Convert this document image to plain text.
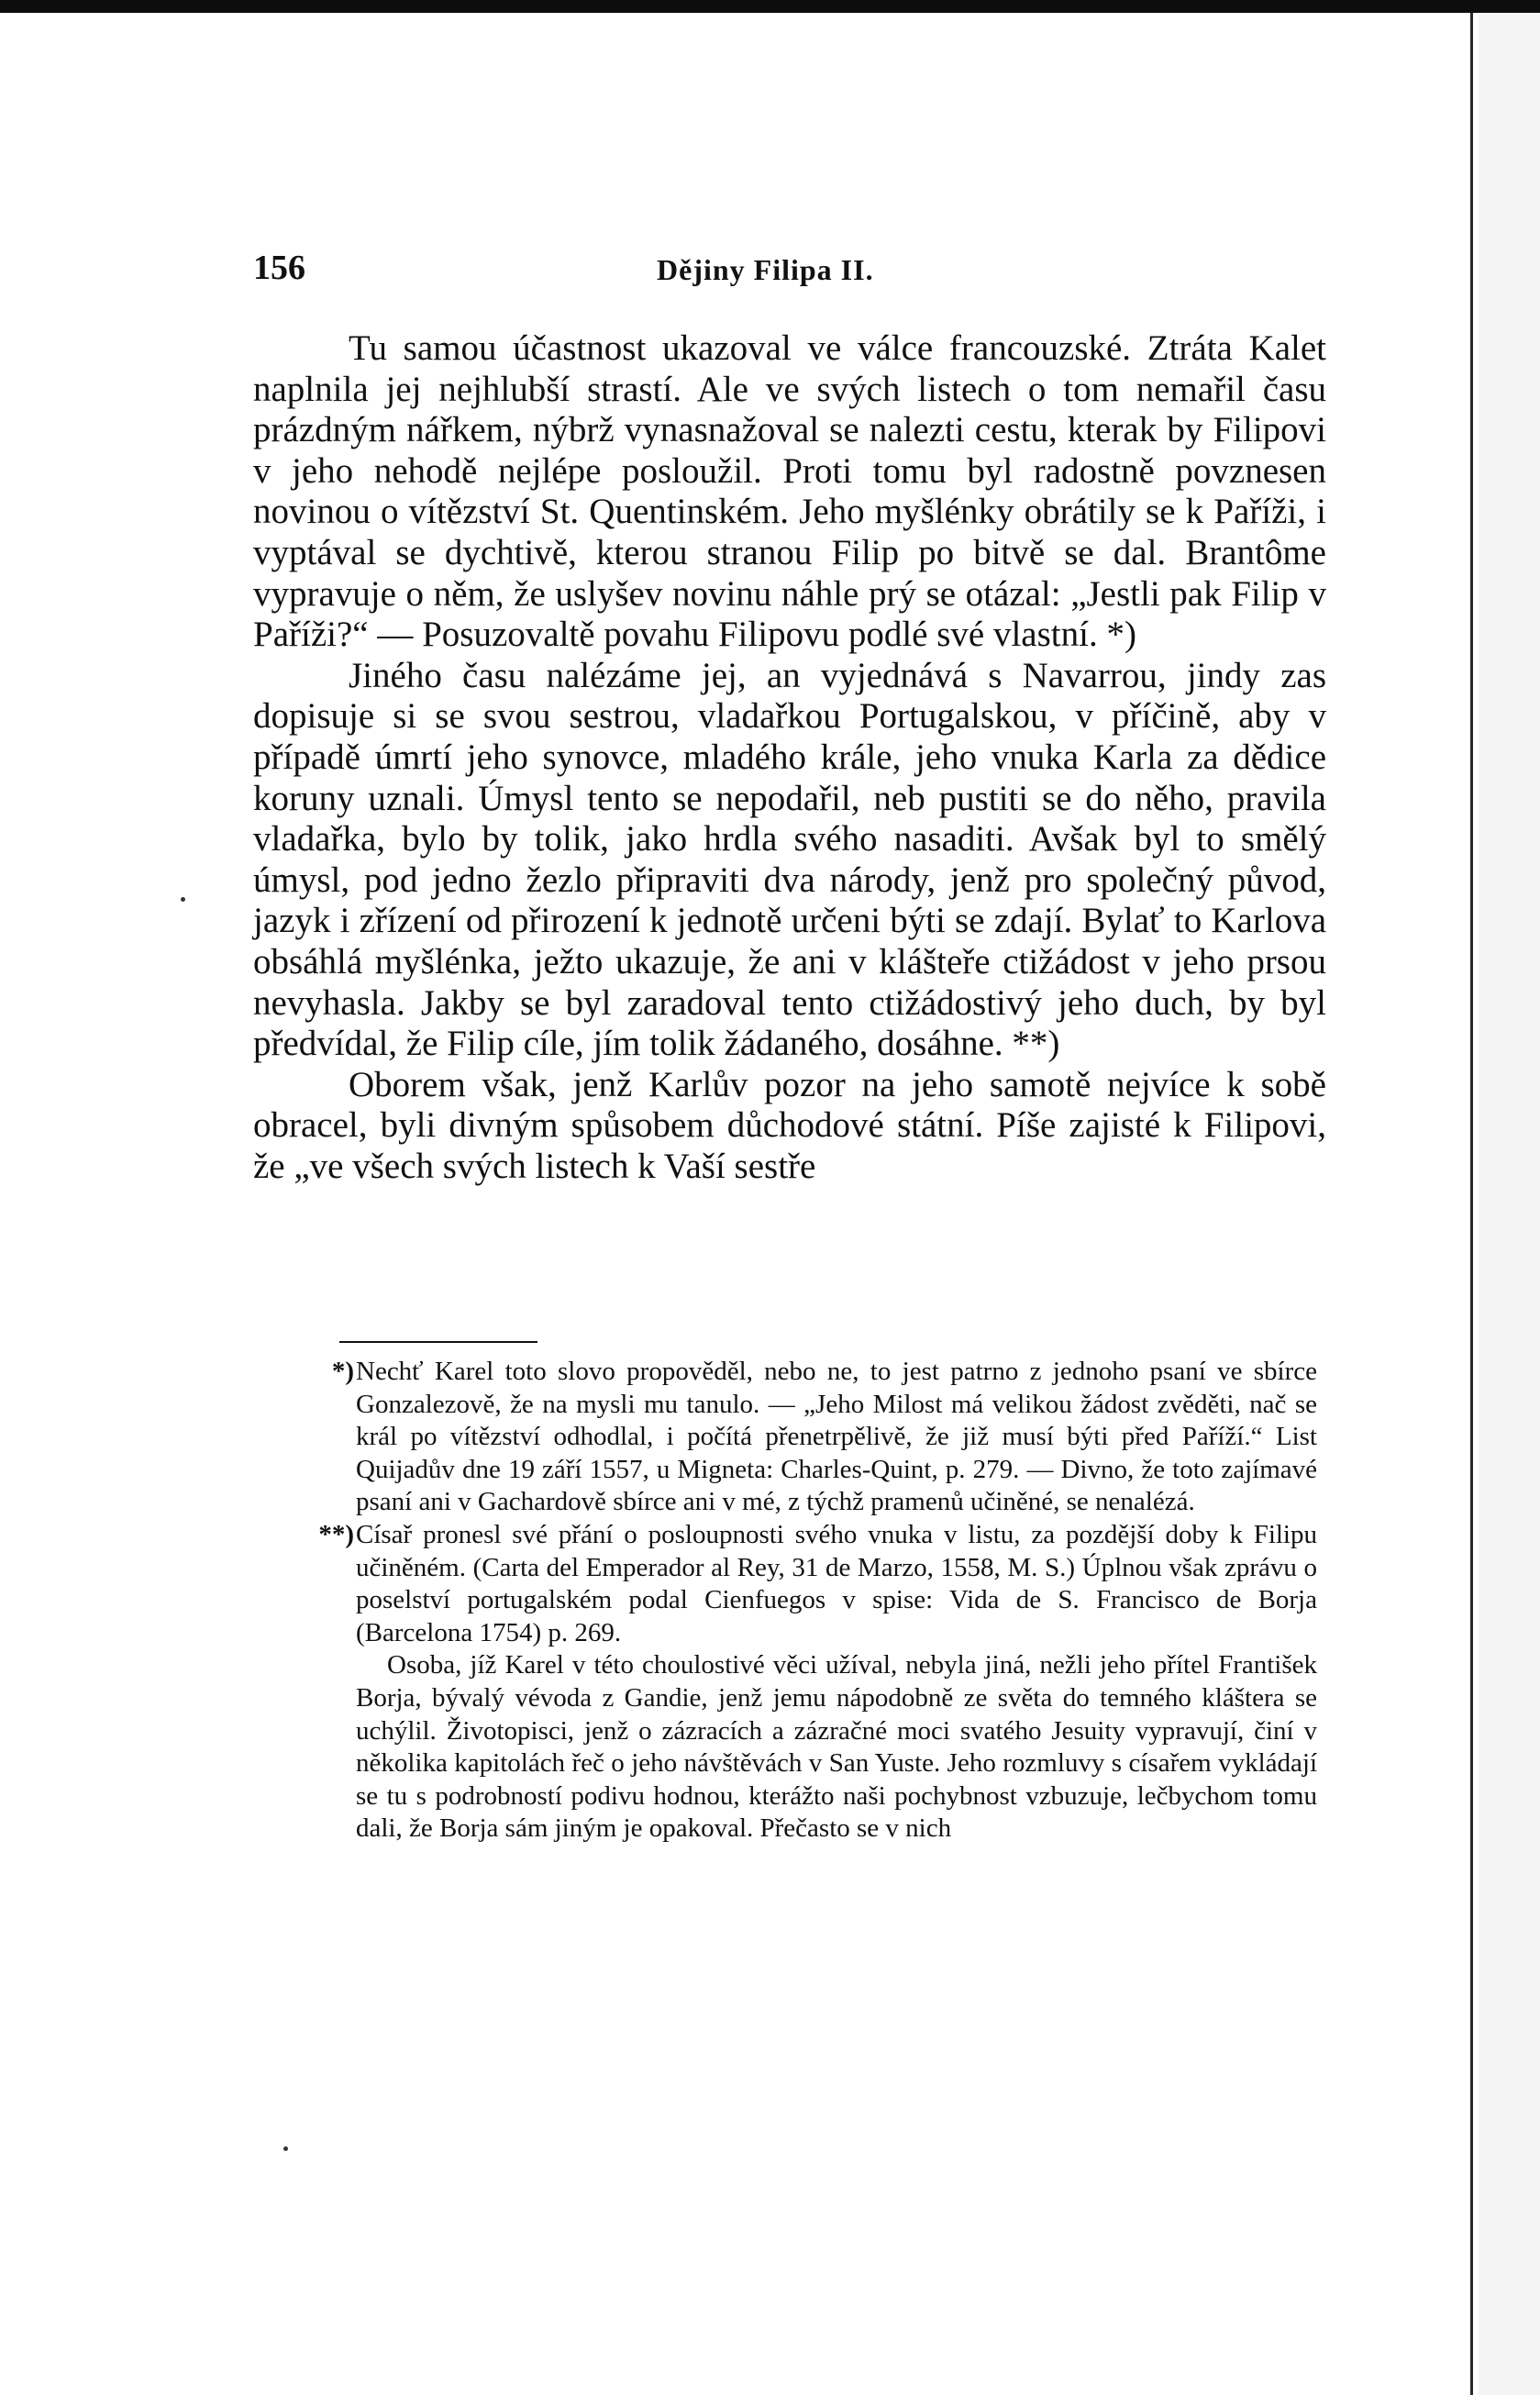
156	Dějiny Filipa II.

Tu samou účastnost ukazoval ve válce francouzské. Ztráta Kalet naplnila jej nejhlubší strastí. Ale ve svých listech o tom nemařil času prázdným nářkem, nýbrž vynasnažoval se nalezti cestu, kterak by Filipovi v jeho nehodě nejlépe posloužil. Proti tomu byl radostně povznesen novinou o vítězství St. Quentinském. Jeho myšlénky obrátily se k Paříži, i vyptával se dychtivě, kterou stranou Filip po bitvě se dal. Brantôme vypravuje o něm, že uslyšev novinu náhle prý se otázal: „Jestli pak Filip v Paříži?“ — Posuzovaltě povahu Filipovu podlé své vlastní. *)

Jiného času nalézáme jej, an vyjednává s Navarrou, jindy zas dopisuje si se svou sestrou, vladařkou Portugalskou, v příčině, aby v případě úmrtí jeho synovce, mladého krále, jeho vnuka Karla za dědice koruny uznali. Úmysl tento se nepodařil, neb pustiti se do něho, pravila vladařka, bylo by tolik, jako hrdla svého nasaditi. Avšak byl to smělý úmysl, pod jedno žezlo připraviti dva národy, jenž pro společný původ, jazyk i zřízení od přirození k jednotě určeni býti se zdají. Bylať to Karlova obsáhlá myšlénka, ježto ukazuje, že ani v klášteře ctižádost v jeho prsou nevyhasla. Jakby se byl zaradoval tento ctižádostivý jeho duch, by byl předvídal, že Filip cíle, jím tolik žádaného, dosáhne. **)

Oborem však, jenž Karlův pozor na jeho samotě nejvíce k sobě obracel, byli divným spůsobem důchodové státní. Píše zajisté k Filipovi, že „ve všech svých listech k Vaší sestře

*) Nechť Karel toto slovo propověděl, nebo ne, to jest patrno z jednoho psaní ve sbírce Gonzalezově, že na mysli mu tanulo. — „Jeho Milost má velikou žádost zvěděti, nač se král po vítězství odhodlal, i počítá přenetrpělivě, že již musí býti před Paříží.“ List Quijadův dne 19 září 1557, u Migneta: Charles-Quint, p. 279. — Divno, že toto zajímavé psaní ani v Gachardově sbírce ani v mé, z týchž pramenů učiněné, se nenalézá.
**) Císař pronesl své přání o posloupnosti svého vnuka v listu, za pozdější doby k Filipu učiněném. (Carta del Emperador al Rey, 31 de Marzo, 1558, M. S.) Úplnou však zprávu o poselství portugalském podal Cienfuegos v spise: Vida de S. Francisco de Borja (Barcelona 1754) p. 269.
Osoba, jíž Karel v této choulostivé věci užíval, nebyla jiná, nežli jeho přítel František Borja, bývalý vévoda z Gandie, jenž jemu nápodobně ze světa do temného kláštera se uchýlil. Životopisci, jenž o zázracích a zázračné moci svatého Jesuity vypravují, činí v několika kapitolách řeč o jeho návštěvách v San Yuste. Jeho rozmluvy s císařem vykládají se tu s podrobností podivu hodnou, kterážto naši pochybnost vzbuzuje, lečbychom tomu dali, že Borja sám jiným je opakoval. Přečasto se v nich
